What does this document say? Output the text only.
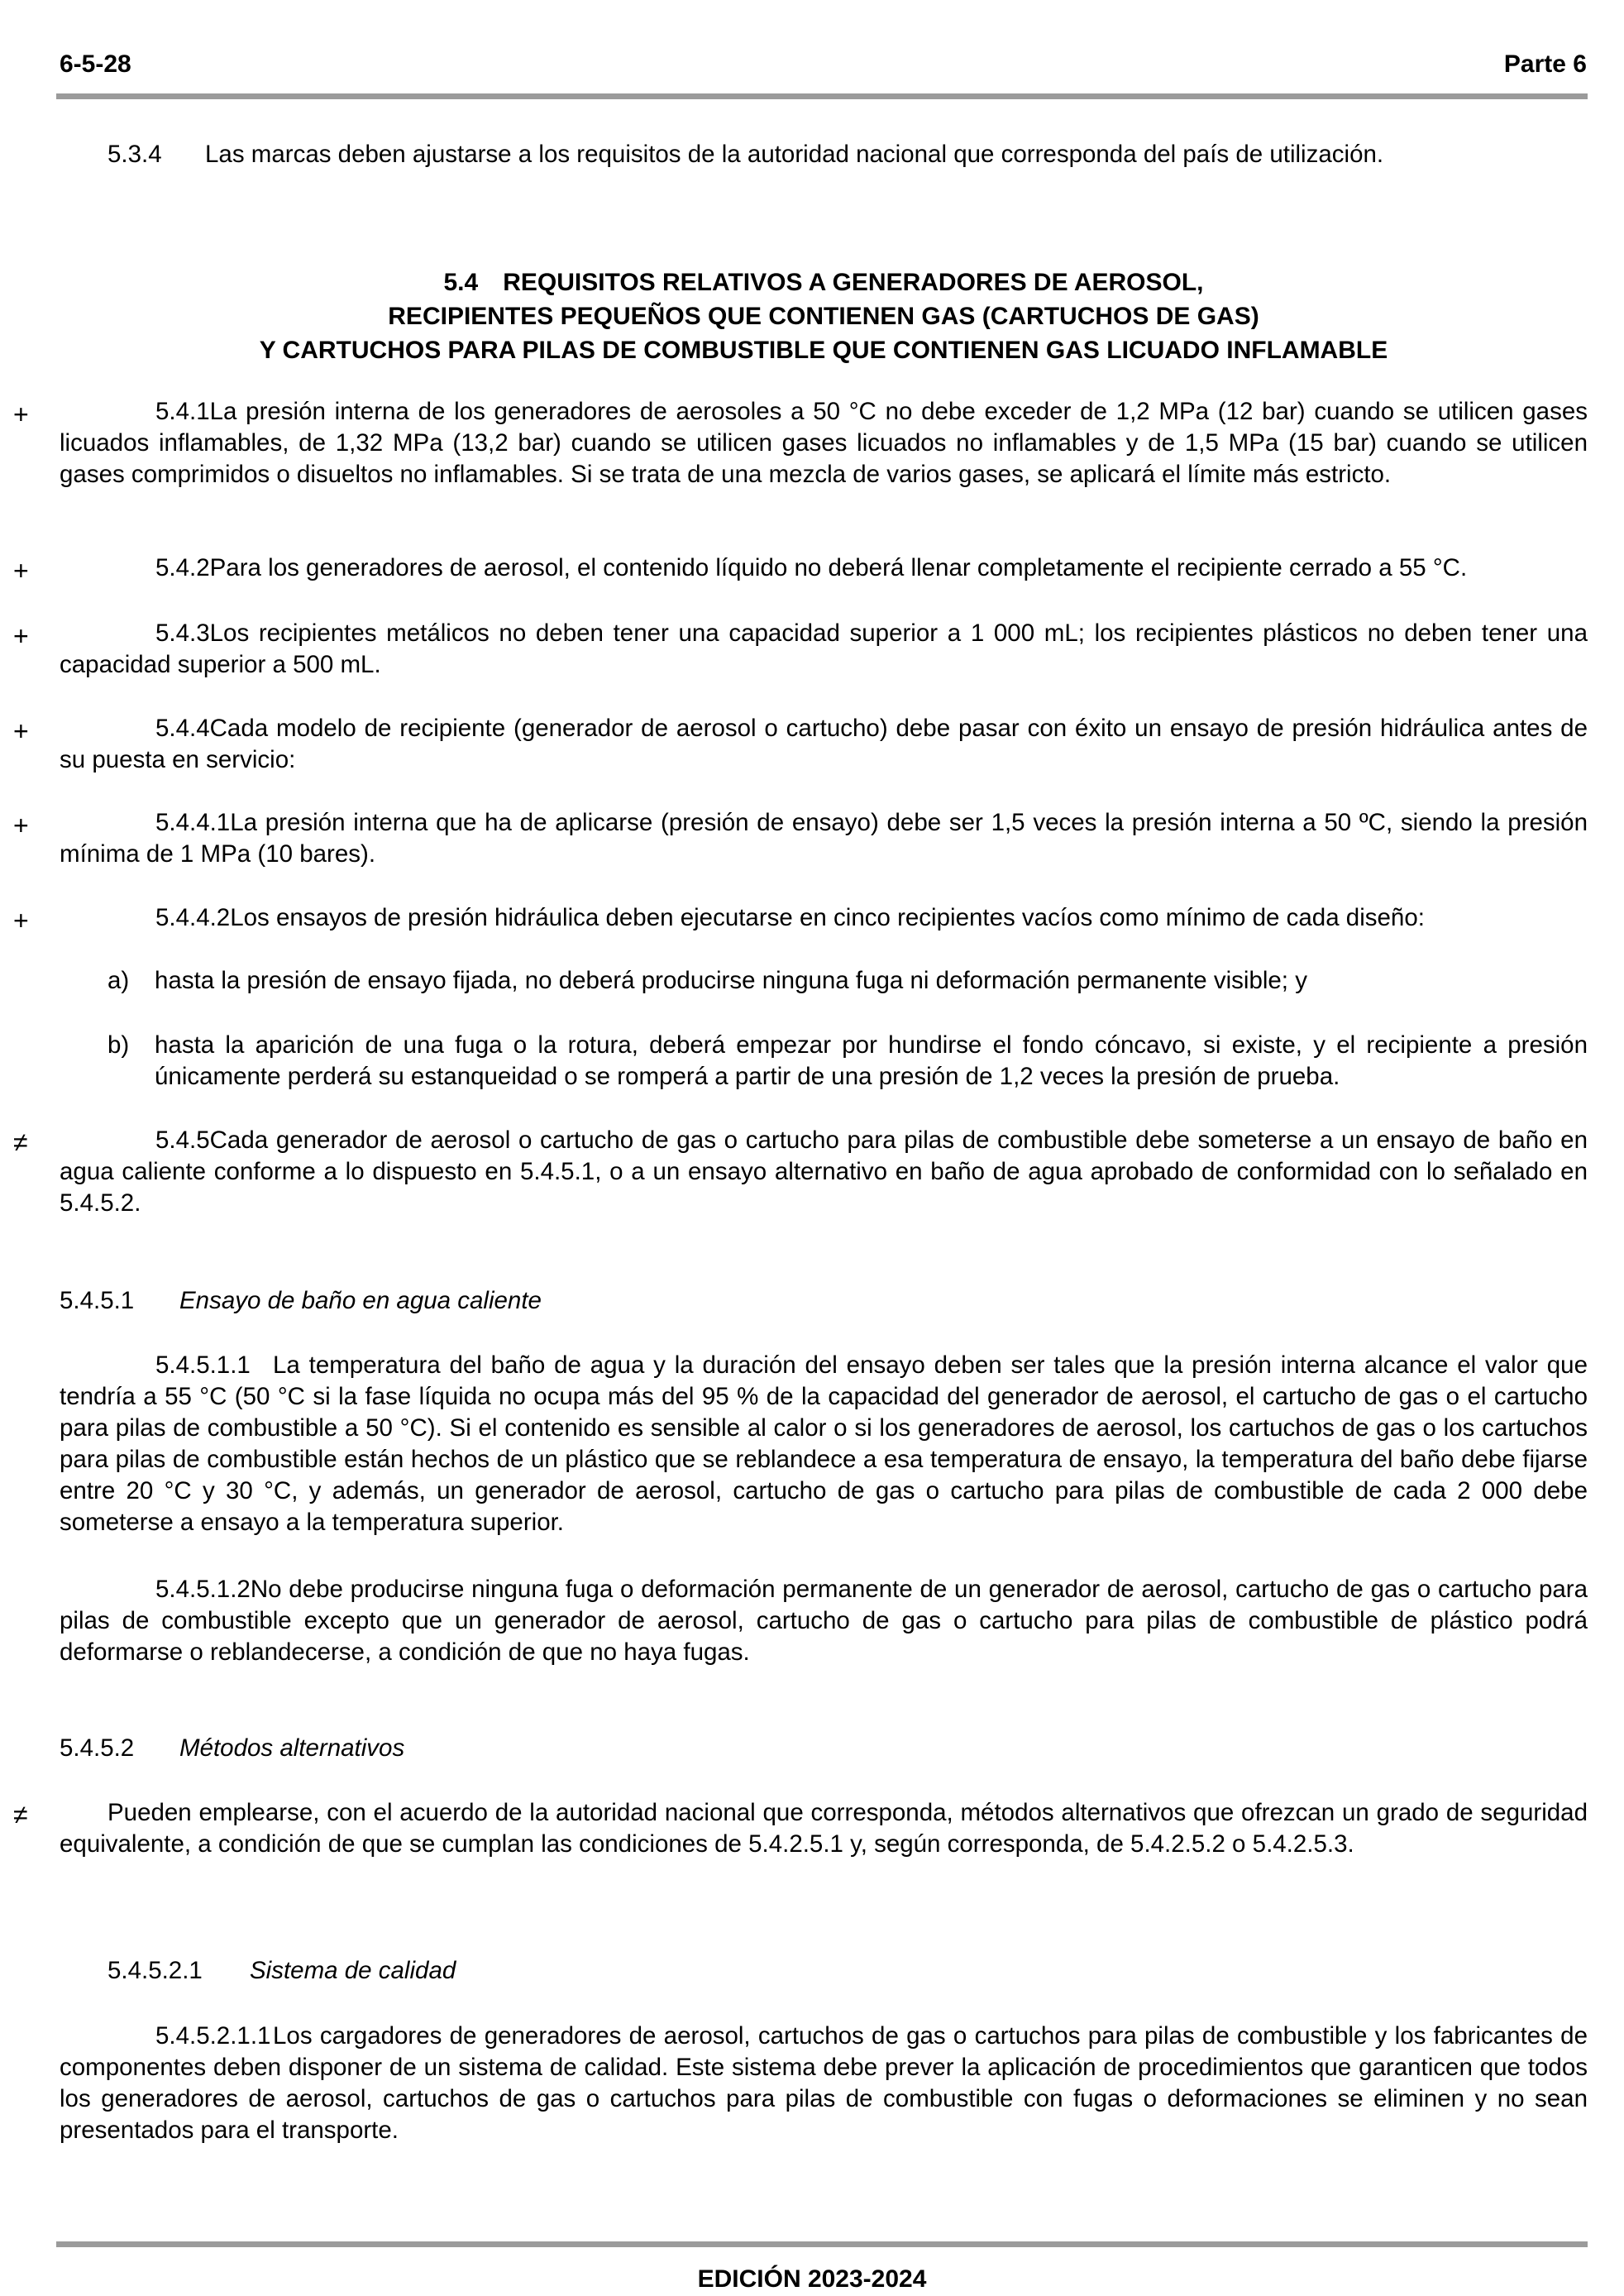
6-5-28	Parte 6
5.3.4 Las marcas deben ajustarse a los requisitos de la autoridad nacional que corresponda del país de utilización.
5.4 REQUISITOS RELATIVOS A GENERADORES DE AEROSOL,
RECIPIENTES PEQUEÑOS QUE CONTIENEN GAS (CARTUCHOS DE GAS)
Y CARTUCHOS PARA PILAS DE COMBUSTIBLE QUE CONTIENEN GAS LICUADO INFLAMABLE
+	5.4.1La presión interna de los generadores de aerosoles a 50 °C no debe exceder de 1,2 MPa (12 bar) cuando se utilicen gases licuados inflamables, de 1,32 MPa (13,2 bar) cuando se utilicen gases licuados no inflamables y de 1,5 MPa (15 bar) cuando se utilicen gases comprimidos o disueltos no inflamables. Si se trata de una mezcla de varios gases, se aplicará el límite más estricto.
+	5.4.2Para los generadores de aerosol, el contenido líquido no deberá llenar completamente el recipiente cerrado a 55 °C.
+	5.4.3Los recipientes metálicos no deben tener una capacidad superior a 1 000 mL; los recipientes plásticos no deben tener una capacidad superior a 500 mL.
+	5.4.4Cada modelo de recipiente (generador de aerosol o cartucho) debe pasar con éxito un ensayo de presión hidráulica antes de su puesta en servicio:
+	5.4.4.1La presión interna que ha de aplicarse (presión de ensayo) debe ser 1,5 veces la presión interna a 50 ºC, siendo la presión mínima de 1 MPa (10 bares).
+	5.4.4.2Los ensayos de presión hidráulica deben ejecutarse en cinco recipientes vacíos como mínimo de cada diseño:
a) hasta la presión de ensayo fijada, no deberá producirse ninguna fuga ni deformación permanente visible; y
b) hasta la aparición de una fuga o la rotura, deberá empezar por hundirse el fondo cóncavo, si existe, y el recipiente a presión únicamente perderá su estanqueidad o se romperá a partir de una presión de 1,2 veces la presión de prueba.
≠	5.4.5Cada generador de aerosol o cartucho de gas o cartucho para pilas de combustible debe someterse a un ensayo de baño en agua caliente conforme a lo dispuesto en 5.4.5.1, o a un ensayo alternativo en baño de agua aprobado de conformidad con lo señalado en 5.4.5.2.
5.4.5.1 Ensayo de baño en agua caliente
5.4.5.1.1 La temperatura del baño de agua y la duración del ensayo deben ser tales que la presión interna alcance el valor que tendría a 55 °C (50 °C si la fase líquida no ocupa más del 95 % de la capacidad del generador de aerosol, el cartucho de gas o el cartucho para pilas de combustible a 50 °C). Si el contenido es sensible al calor o si los generadores de aerosol, los cartuchos de gas o los cartuchos para pilas de combustible están hechos de un plástico que se reblandece a esa temperatura de ensayo, la temperatura del baño debe fijarse entre 20 °C y 30 °C, y además, un generador de aerosol, cartucho de gas o cartucho para pilas de combustible de cada 2 000 debe someterse a ensayo a la temperatura superior.
5.4.5.1.2No debe producirse ninguna fuga o deformación permanente de un generador de aerosol, cartucho de gas o cartucho para pilas de combustible excepto que un generador de aerosol, cartucho de gas o cartucho para pilas de combustible de plástico podrá deformarse o reblandecerse, a condición de que no haya fugas.
5.4.5.2 Métodos alternativos
≠	Pueden emplearse, con el acuerdo de la autoridad nacional que corresponda, métodos alternativos que ofrezcan un grado de seguridad equivalente, a condición de que se cumplan las condiciones de 5.4.2.5.1 y, según corresponda, de 5.4.2.5.2 o 5.4.2.5.3.
5.4.5.2.1 Sistema de calidad
5.4.5.2.1.1Los cargadores de generadores de aerosol, cartuchos de gas o cartuchos para pilas de combustible y los fabricantes de componentes deben disponer de un sistema de calidad. Este sistema debe prever la aplicación de procedimientos que garanticen que todos los generadores de aerosol, cartuchos de gas o cartuchos para pilas de combustible con fugas o deformaciones se eliminen y no sean presentados para el transporte.
EDICIÓN 2023-2024
